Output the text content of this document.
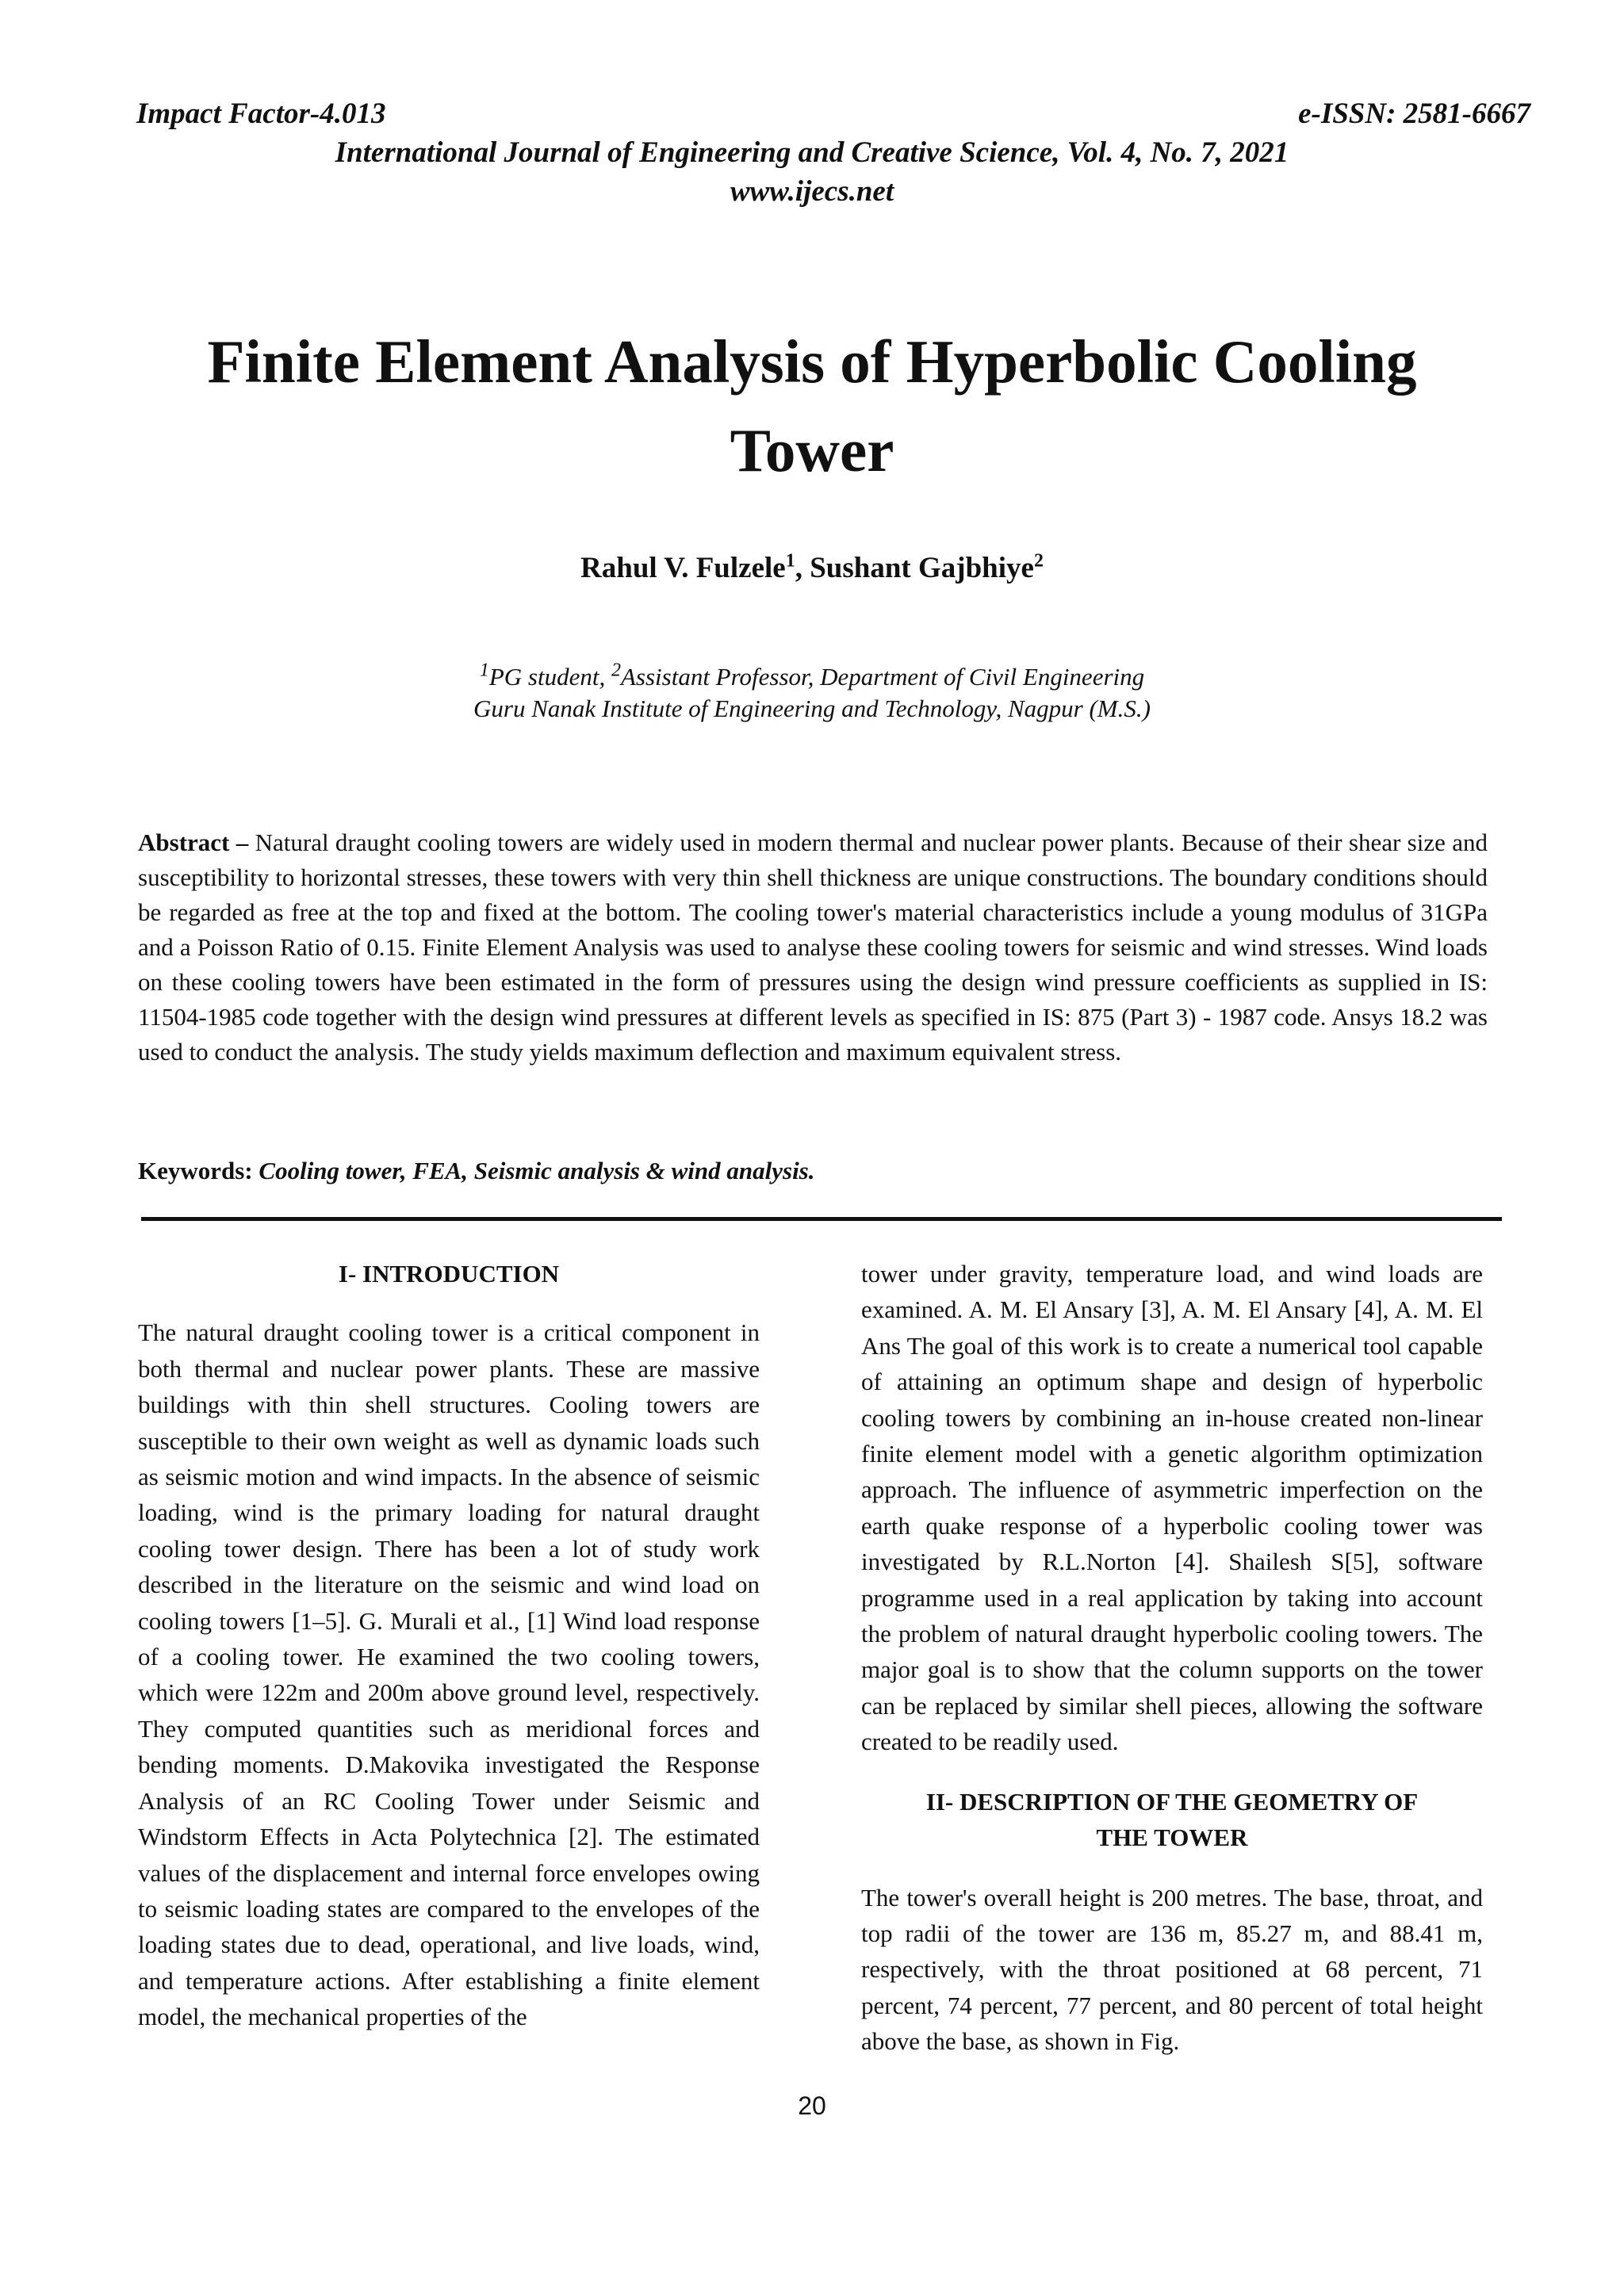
Impact Factor-4.013	e-ISSN: 2581-6667
International Journal of Engineering and Creative Science, Vol. 4, No. 7, 2021
www.ijecs.net
Finite Element Analysis of Hyperbolic Cooling Tower
Rahul V. Fulzele$^1$, Sushant Gajbhiye$^2$
$^1$PG student, $^2$Assistant Professor, Department of Civil Engineering
Guru Nanak Institute of Engineering and Technology, Nagpur (M.S.)

Abstract – Natural draught cooling towers are widely used in modern thermal and nuclear power plants. Because of their shear size and susceptibility to horizontal stresses, these towers with very thin shell thickness are unique constructions. The boundary conditions should be regarded as free at the top and fixed at the bottom. The cooling tower's material characteristics include a young modulus of 31GPa and a Poisson Ratio of 0.15. Finite Element Analysis was used to analyse these cooling towers for seismic and wind stresses. Wind loads on these cooling towers have been estimated in the form of pressures using the design wind pressure coefficients as supplied in IS: 11504-1985 code together with the design wind pressures at different levels as specified in IS: 875 (Part 3) - 1987 code. Ansys 18.2 was used to conduct the analysis. The study yields maximum deflection and maximum equivalent stress.

Keywords: Cooling tower, FEA, Seismic analysis & wind analysis.

I- INTRODUCTION

The natural draught cooling tower is a critical component in both thermal and nuclear power plants. These are massive buildings with thin shell structures. Cooling towers are susceptible to their own weight as well as dynamic loads such as seismic motion and wind impacts. In the absence of seismic loading, wind is the primary loading for natural draught cooling tower design. There has been a lot of study work described in the literature on the seismic and wind load on cooling towers [1–5]. G. Murali et al., [1] Wind load response of a cooling tower. He examined the two cooling towers, which were 122m and 200m above ground level, respectively. They computed quantities such as meridional forces and bending moments. D.Makovika investigated the Response Analysis of an RC Cooling Tower under Seismic and Windstorm Effects in Acta Polytechnica [2]. The estimated values of the displacement and internal force envelopes owing to seismic loading states are compared to the envelopes of the loading states due to dead, operational, and live loads, wind, and temperature actions. After establishing a finite element model, the mechanical properties of the

tower under gravity, temperature load, and wind loads are examined. A. M. El Ansary [3], A. M. El Ansary [4], A. M. El Ans The goal of this work is to create a numerical tool capable of attaining an optimum shape and design of hyperbolic cooling towers by combining an in-house created non-linear finite element model with a genetic algorithm optimization approach. The influence of asymmetric imperfection on the earth quake response of a hyperbolic cooling tower was investigated by R.L.Norton [4]. Shailesh S[5], software programme used in a real application by taking into account the problem of natural draught hyperbolic cooling towers. The major goal is to show that the column supports on the tower can be replaced by similar shell pieces, allowing the software created to be readily used.

II- DESCRIPTION OF THE GEOMETRY OF
THE TOWER

The tower's overall height is 200 metres. The base, throat, and top radii of the tower are 136 m, 85.27 m, and 88.41 m, respectively, with the throat positioned at 68 percent, 71 percent, 74 percent, 77 percent, and 80 percent of total height above the base, as shown in Fig.

20
